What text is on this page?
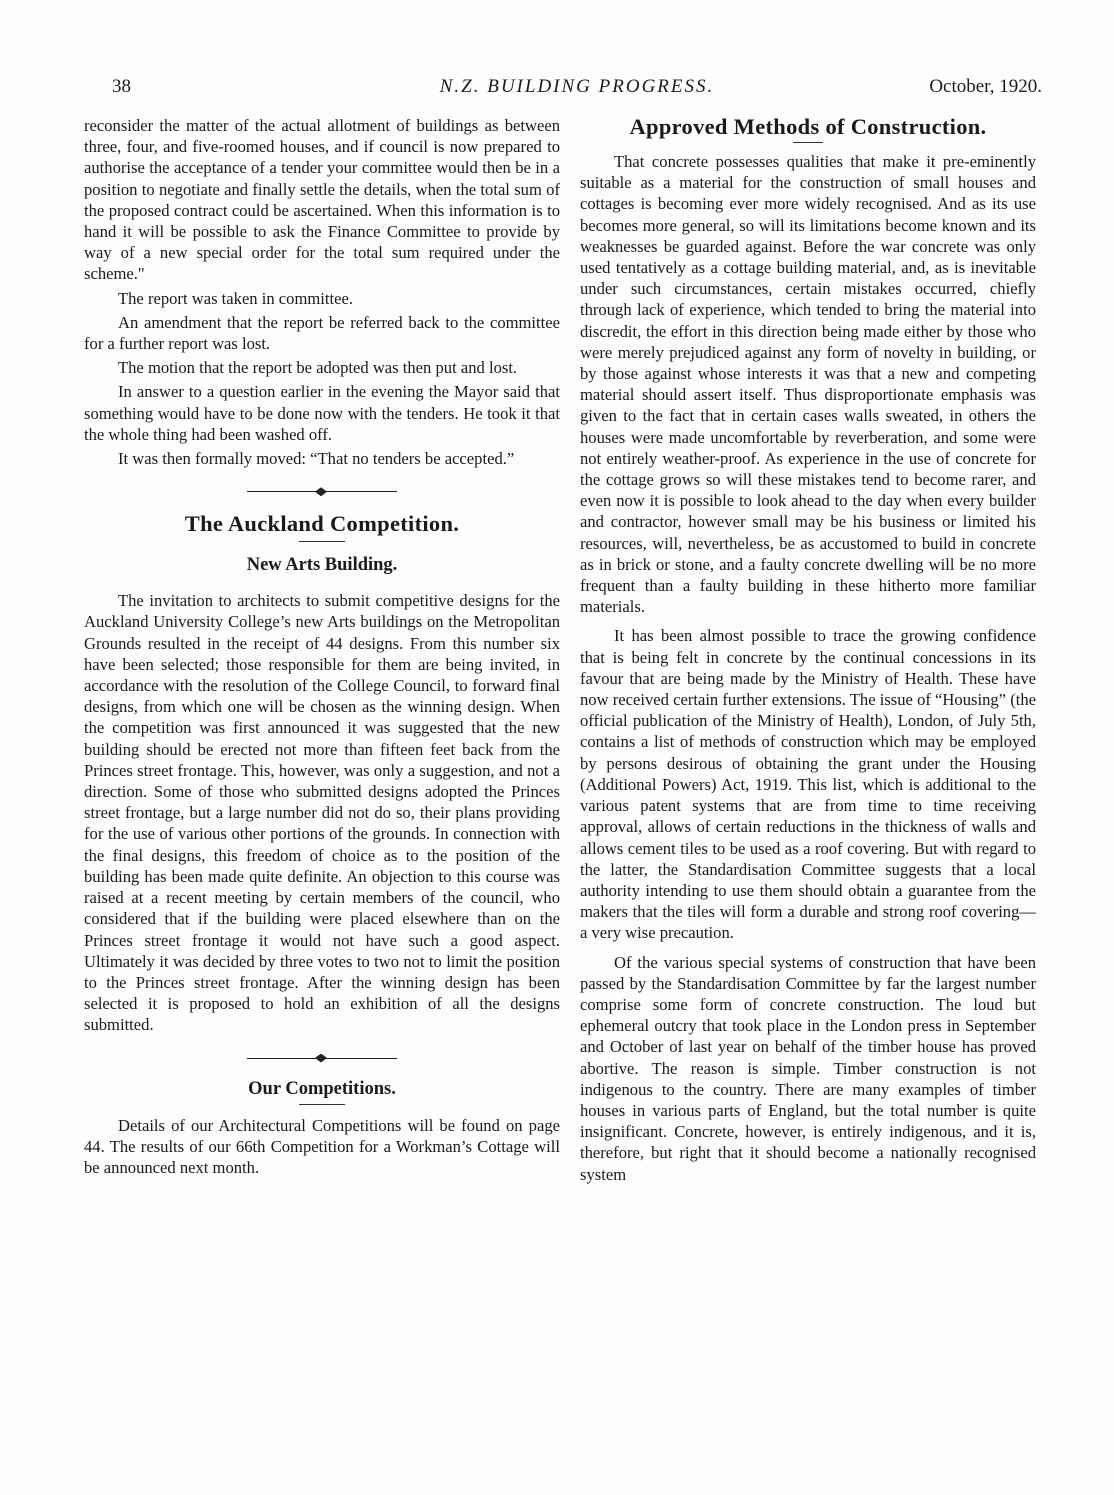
38	N.Z. BUILDING PROGRESS.	October, 1920.

reconsider the matter of the actual allotment of buildings as between three, four, and five-roomed houses, and if council is now prepared to authorise the acceptance of a tender your committee would then be in a position to negotiate and finally settle the details, when the total sum of the proposed contract could be ascertained. When this information is to hand it will be possible to ask the Finance Committee to provide by way of a new special order for the total sum required under the scheme."

The report was taken in committee.

An amendment that the report be referred back to the committee for a further report was lost.

The motion that the report be adopted was then put and lost.

In answer to a question earlier in the evening the Mayor said that something would have to be done now with the tenders. He took it that the whole thing had been washed off.

It was then formally moved: “That no tenders be accepted.”

The Auckland Competition.
New Arts Building.

The invitation to architects to submit competitive designs for the Auckland University College’s new Arts buildings on the Metropolitan Grounds resulted in the receipt of 44 designs. From this number six have been selected; those responsible for them are being invited, in accordance with the resolution of the College Council, to forward final designs, from which one will be chosen as the winning design. When the competition was first announced it was suggested that the new building should be erected not more than fifteen feet back from the Princes street frontage. This, however, was only a suggestion, and not a direction. Some of those who submitted designs adopted the Princes street frontage, but a large number did not do so, their plans providing for the use of various other portions of the grounds. In connection with the final designs, this freedom of choice as to the position of the building has been made quite definite. An objection to this course was raised at a recent meeting by certain members of the council, who considered that if the building were placed elsewhere than on the Princes street frontage it would not have such a good aspect. Ultimately it was decided by three votes to two not to limit the position to the Princes street frontage. After the winning design has been selected it is proposed to hold an exhibition of all the designs submitted.

Our Competitions.

Details of our Architectural Competitions will be found on page 44. The results of our 66th Competition for a Workman’s Cottage will be announced next month.

Approved Methods of Construction.

That concrete possesses qualities that make it pre-eminently suitable as a material for the construction of small houses and cottages is becoming ever more widely recognised. And as its use becomes more general, so will its limitations become known and its weaknesses be guarded against. Before the war concrete was only used tentatively as a cottage building material, and, as is inevitable under such circumstances, certain mistakes occurred, chiefly through lack of experience, which tended to bring the material into discredit, the effort in this direction being made either by those who were merely prejudiced against any form of novelty in building, or by those against whose interests it was that a new and competing material should assert itself. Thus disproportionate emphasis was given to the fact that in certain cases walls sweated, in others the houses were made uncomfortable by reverberation, and some were not entirely weather-proof. As experience in the use of concrete for the cottage grows so will these mistakes tend to become rarer, and even now it is possible to look ahead to the day when every builder and contractor, however small may be his business or limited his resources, will, nevertheless, be as accustomed to build in concrete as in brick or stone, and a faulty concrete dwelling will be no more frequent than a faulty building in these hitherto more familiar materials.

It has been almost possible to trace the growing confidence that is being felt in concrete by the continual concessions in its favour that are being made by the Ministry of Health. These have now received certain further extensions. The issue of “Housing” (the official publication of the Ministry of Health), London, of July 5th, contains a list of methods of construction which may be employed by persons desirous of obtaining the grant under the Housing (Additional Powers) Act, 1919. This list, which is additional to the various patent systems that are from time to time receiving approval, allows of certain reductions in the thickness of walls and allows cement tiles to be used as a roof covering. But with regard to the latter, the Standardisation Committee suggests that a local authority intending to use them should obtain a guarantee from the makers that the tiles will form a durable and strong roof covering—a very wise precaution.

Of the various special systems of construction that have been passed by the Standardisation Committee by far the largest number comprise some form of concrete construction. The loud but ephemeral outcry that took place in the London press in September and October of last year on behalf of the timber house has proved abortive. The reason is simple. Timber construction is not indigenous to the country. There are many examples of timber houses in various parts of England, but the total number is quite insignificant. Concrete, however, is entirely indigenous, and it is, therefore, but right that it should become a nationally recognised system
